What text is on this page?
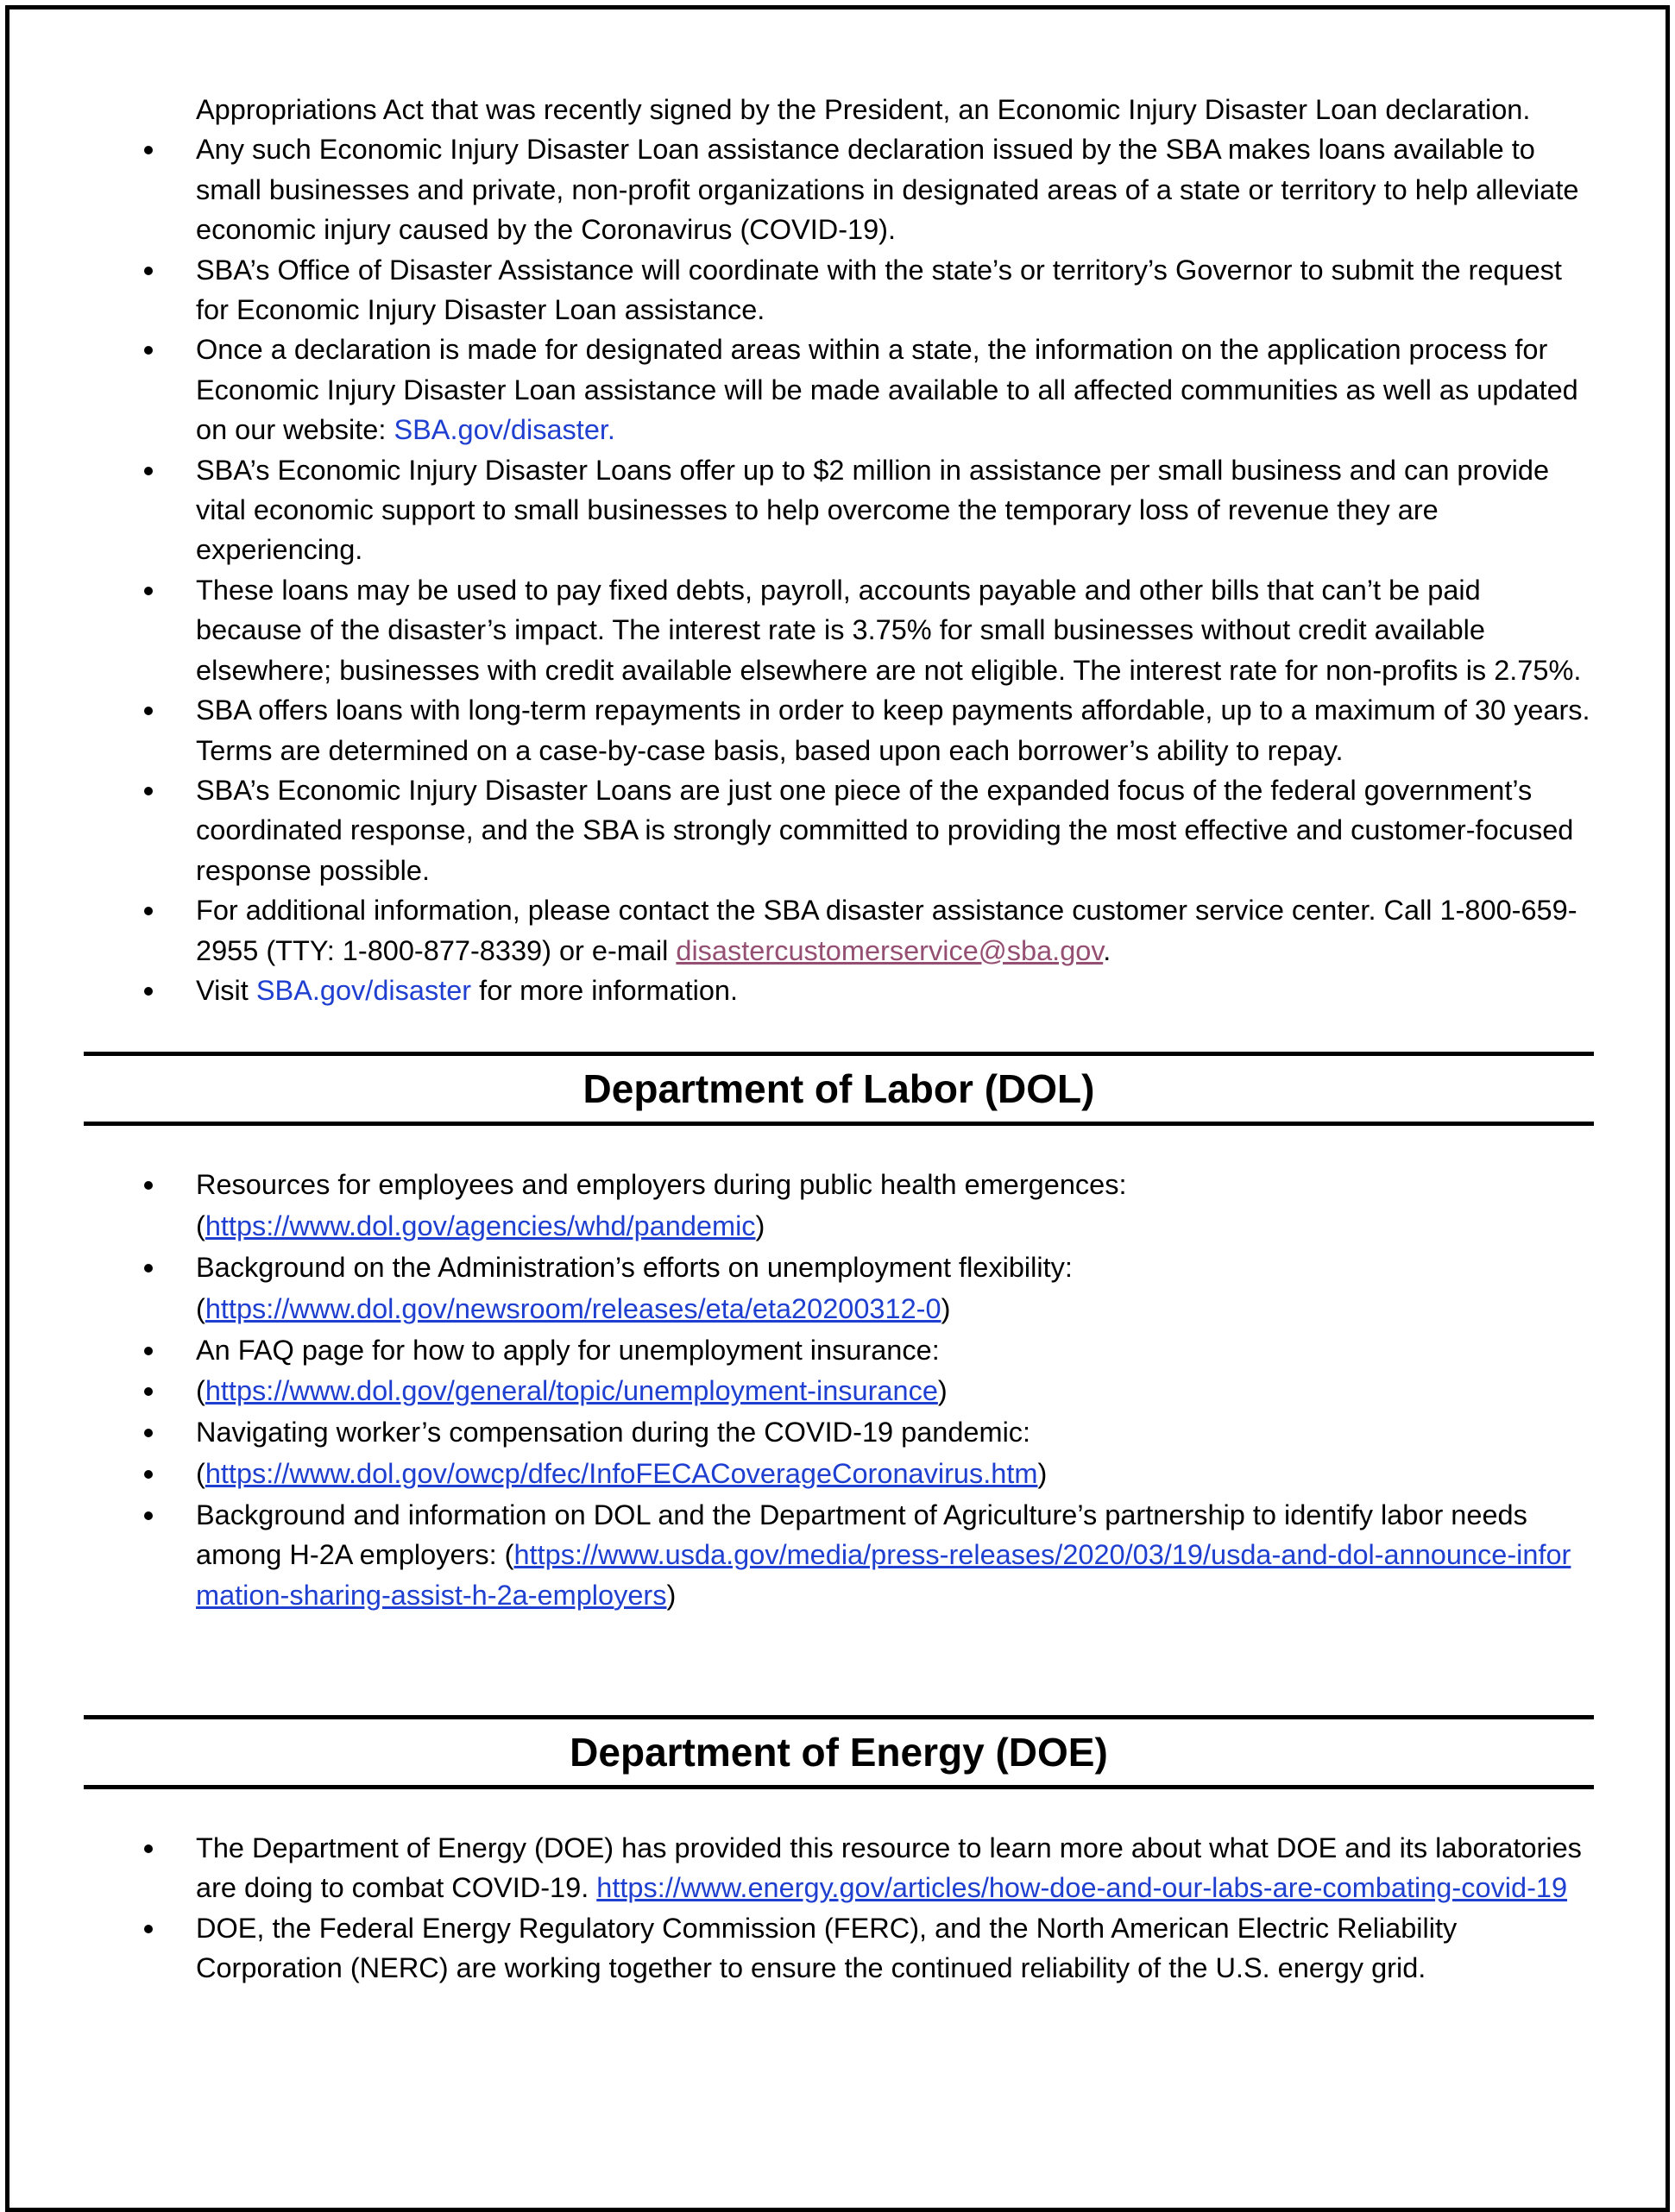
Appropriations Act that was recently signed by the President, an Economic Injury Disaster Loan declaration.
Any such Economic Injury Disaster Loan assistance declaration issued by the SBA makes loans available to small businesses and private, non-profit organizations in designated areas of a state or territory to help alleviate economic injury caused by the Coronavirus (COVID-19).
SBA’s Office of Disaster Assistance will coordinate with the state’s or territory’s Governor to submit the request for Economic Injury Disaster Loan assistance.
Once a declaration is made for designated areas within a state, the information on the application process for Economic Injury Disaster Loan assistance will be made available to all affected communities as well as updated on our website: SBA.gov/disaster.
SBA’s Economic Injury Disaster Loans offer up to $2 million in assistance per small business and can provide vital economic support to small businesses to help overcome the temporary loss of revenue they are experiencing.
These loans may be used to pay fixed debts, payroll, accounts payable and other bills that can’t be paid because of the disaster’s impact. The interest rate is 3.75% for small businesses without credit available elsewhere; businesses with credit available elsewhere are not eligible. The interest rate for non-profits is 2.75%.
SBA offers loans with long-term repayments in order to keep payments affordable, up to a maximum of 30 years. Terms are determined on a case-by-case basis, based upon each borrower’s ability to repay.
SBA’s Economic Injury Disaster Loans are just one piece of the expanded focus of the federal government’s coordinated response, and the SBA is strongly committed to providing the most effective and customer-focused response possible.
For additional information, please contact the SBA disaster assistance customer service center. Call 1-800-659-2955 (TTY: 1-800-877-8339) or e-mail disastercustomerservice@sba.gov.
Visit SBA.gov/disaster for more information.
Department of Labor (DOL)
Resources for employees and employers during public health emergences:
(https://www.dol.gov/agencies/whd/pandemic)
Background on the Administration’s efforts on unemployment flexibility:
(https://www.dol.gov/newsroom/releases/eta/eta20200312-0)
An FAQ page for how to apply for unemployment insurance:
(https://www.dol.gov/general/topic/unemployment-insurance)
Navigating worker’s compensation during the COVID-19 pandemic:
(https://www.dol.gov/owcp/dfec/InfoFECACoverageCoronavirus.htm)
Background and information on DOL and the Department of Agriculture’s partnership to identify labor needs among H-2A employers: (https://www.usda.gov/media/press-releases/2020/03/19/usda-and-dol-announce-information-sharing-assist-h-2a-employers)
Department of Energy (DOE)
The Department of Energy (DOE) has provided this resource to learn more about what DOE and its laboratories are doing to combat COVID-19. https://www.energy.gov/articles/how-doe-and-our-labs-are-combating-covid-19
DOE, the Federal Energy Regulatory Commission (FERC), and the North American Electric Reliability Corporation (NERC) are working together to ensure the continued reliability of the U.S. energy grid.
